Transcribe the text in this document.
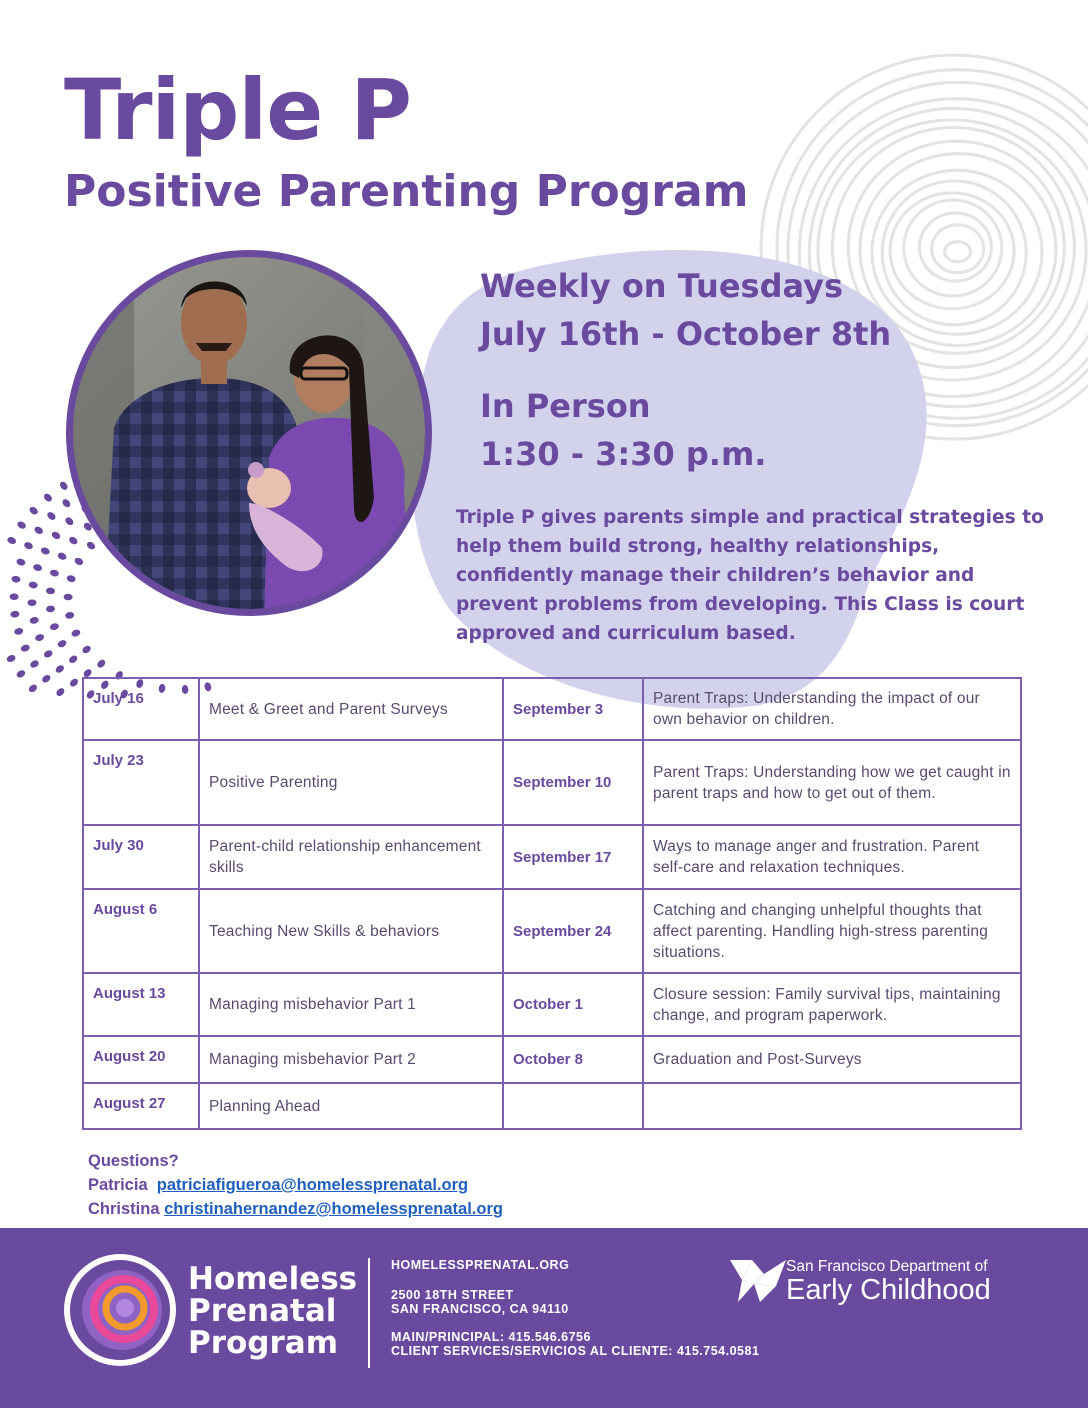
Triple P
Positive Parenting Program
Weekly on Tuesdays
July 16th - October 8th
In Person
1:30 - 3:30 p.m.

Triple P gives parents simple and practical strategies to help them build strong, healthy relationships, confidently manage their children’s behavior and prevent problems from developing. This Class is court approved and curriculum based.

July 16	Meet & Greet and Parent Surveys	September 3	Parent Traps: Understanding the impact of our own behavior on children.
July 23	Positive Parenting	September 10	Parent Traps: Understanding how we get caught in parent traps and how to get out of them.
July 30	Parent-child relationship enhancement skills	September 17	Ways to manage anger and frustration. Parent self-care and relaxation techniques.
August 6	Teaching New Skills & behaviors	September 24	Catching and changing unhelpful thoughts that affect parenting. Handling high-stress parenting situations.
August 13	Managing misbehavior Part 1	October 1	Closure session: Family survival tips, maintaining change, and program paperwork.
August 20	Managing misbehavior Part 2	October 8	Graduation and Post-Surveys
August 27	Planning Ahead		
Questions?
Patricia patriciafigueroa@homelessprenatal.org
Christina christinahernandez@homelessprenatal.org
Homeless
Prenatal
Program
HOMELESSPRENATAL.ORG
2500 18TH STREET
SAN FRANCISCO, CA 94110
MAIN/PRINCIPAL: 415.546.6756
CLIENT SERVICES/SERVICIOS AL CLIENTE: 415.754.0581
San Francisco Department of
Early Childhood
